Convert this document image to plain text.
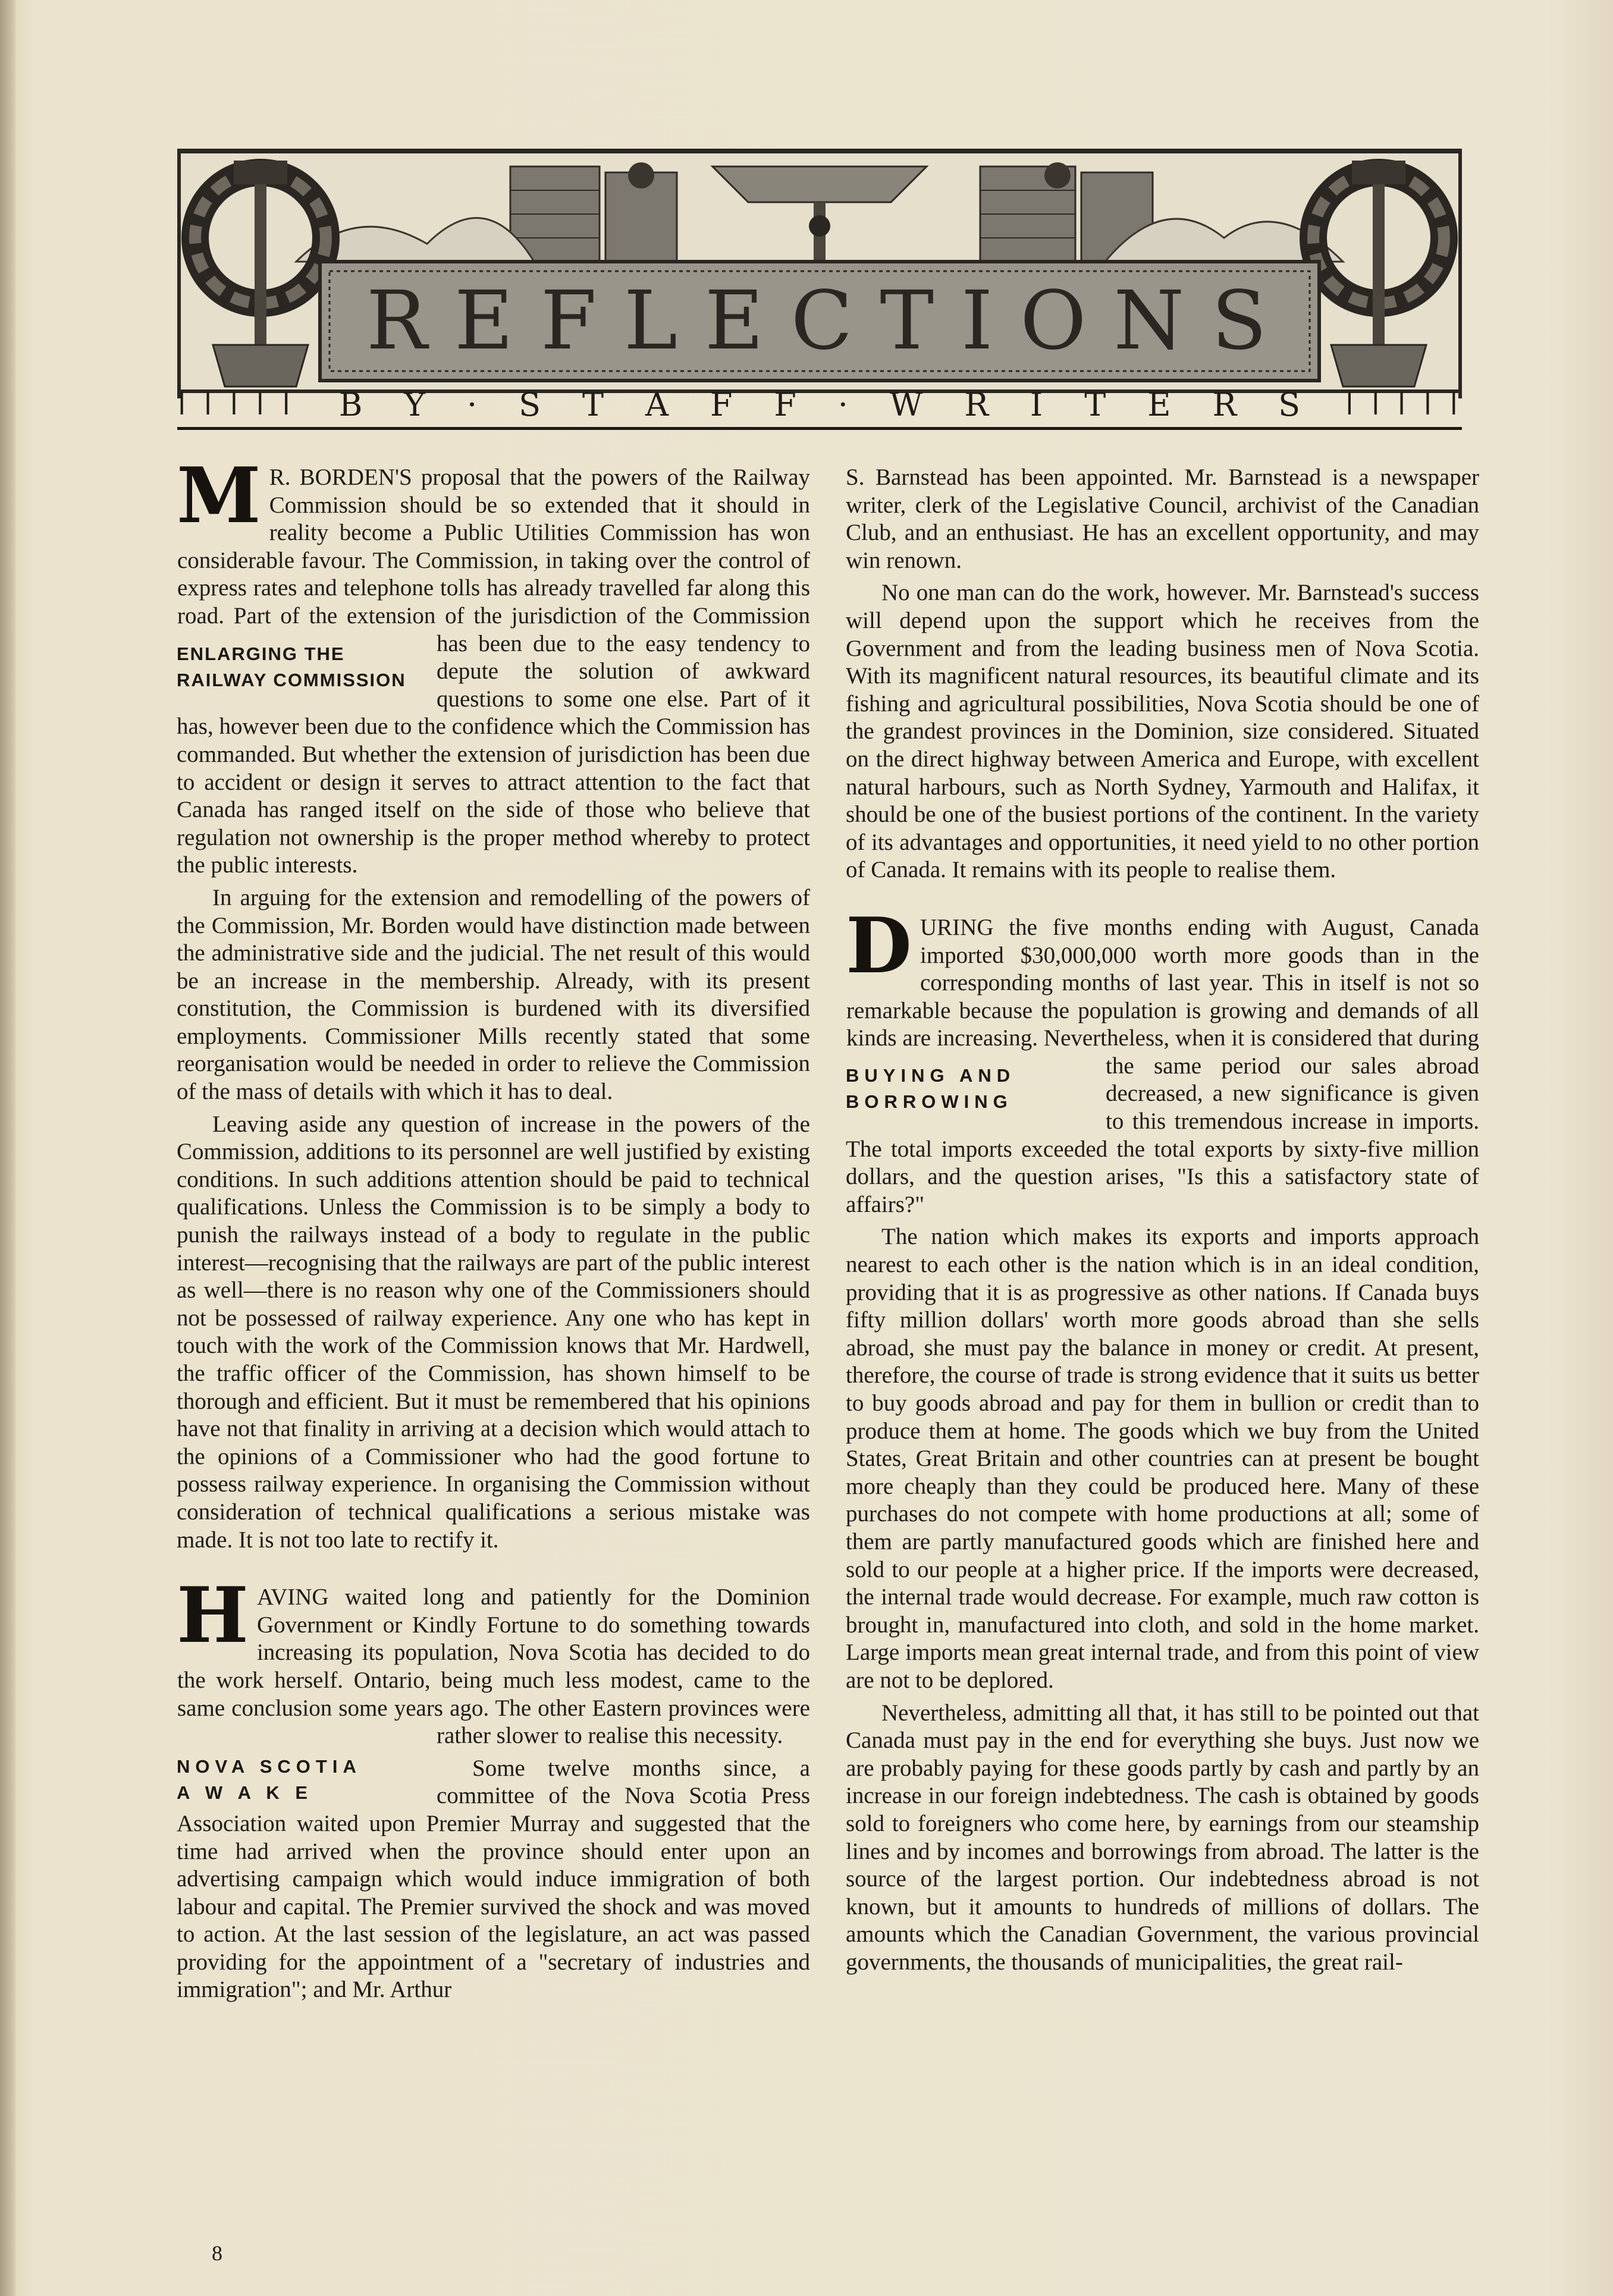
R E F L E C T I O N S
ǀ ǀ ǀ ǀ ǀ B Y · S T A F F · W R I T E R S ǀ ǀ ǀ ǀ ǀ
M
ENLARGING THE
RAILWAY COMMISSION

R. BORDEN'S proposal that the powers of the Railway Commission should be so extended that it should in reality become a Public Utilities Commission has won considerable favour. The Commission, in taking over the control of express rates and telephone tolls has already travelled far along this road. Part of the extension of the jurisdiction of the Commission has been due to the easy tendency to depute the solution of awkward questions to some one else. Part of it has, however been due to the confidence which the Commission has commanded. But whether the extension of jurisdiction has been due to accident or design it serves to attract attention to the fact that Canada has ranged itself on the side of those who believe that regulation not ownership is the proper method whereby to protect the public interests.

In arguing for the extension and remodelling of the powers of the Commission, Mr. Borden would have distinction made between the administrative side and the judicial. The net result of this would be an increase in the membership. Already, with its present constitution, the Commission is burdened with its diversified employments. Commissioner Mills recently stated that some reorganisation would be needed in order to relieve the Commission of the mass of details with which it has to deal.

Leaving aside any question of increase in the powers of the Commission, additions to its personnel are well justified by existing conditions. In such additions attention should be paid to technical qualifications. Unless the Commission is to be simply a body to punish the railways instead of a body to regulate in the public interest—recognising that the railways are part of the public interest as well—there is no reason why one of the Commissioners should not be possessed of railway experience. Any one who has kept in touch with the work of the Commission knows that Mr. Hardwell, the traffic officer of the Commission, has shown himself to be thorough and efficient. But it must be remembered that his opinions have not that finality in arriving at a decision which would attach to the opinions of a Commissioner who had the good fortune to possess railway experience. In organising the Commission without consideration of technical qualifications a serious mistake was made. It is not too late to rectify it.

H
NOVA SCOTIA
A W A K E

AVING waited long and patiently for the Dominion Government or Kindly Fortune to do something towards increasing its population, Nova Scotia has decided to do the work herself. Ontario, being much less modest, came to the same conclusion some years ago. The other Eastern provinces were rather slower to realise this necessity.

Some twelve months since, a committee of the Nova Scotia Press Association waited upon Premier Murray and suggested that the time had arrived when the province should enter upon an advertising campaign which would induce immigration of both labour and capital. The Premier survived the shock and was moved to action. At the last session of the legislature, an act was passed providing for the appointment of a "secretary of industries and immigration"; and Mr. Arthur

S. Barnstead has been appointed. Mr. Barnstead is a newspaper writer, clerk of the Legislative Council, archivist of the Canadian Club, and an enthusiast. He has an excellent opportunity, and may win renown.

No one man can do the work, however. Mr. Barnstead's success will depend upon the support which he receives from the Government and from the leading business men of Nova Scotia. With its magnificent natural resources, its beautiful climate and its fishing and agricultural possibilities, Nova Scotia should be one of the grandest provinces in the Dominion, size considered. Situated on the direct highway between America and Europe, with excellent natural harbours, such as North Sydney, Yarmouth and Halifax, it should be one of the busiest portions of the continent. In the variety of its advantages and opportunities, it need yield to no other portion of Canada. It remains with its people to realise them.

D
BUYING AND
BORROWING

URING the five months ending with August, Canada imported $30,000,000 worth more goods than in the corresponding months of last year. This in itself is not so remarkable because the population is growing and demands of all kinds are increasing. Nevertheless, when it is considered that during the same period our sales abroad decreased, a new significance is given to this tremendous increase in imports. The total imports exceeded the total exports by sixty-five million dollars, and the question arises, "Is this a satisfactory state of affairs?"

The nation which makes its exports and imports approach nearest to each other is the nation which is in an ideal condition, providing that it is as progressive as other nations. If Canada buys fifty million dollars' worth more goods abroad than she sells abroad, she must pay the balance in money or credit. At present, therefore, the course of trade is strong evidence that it suits us better to buy goods abroad and pay for them in bullion or credit than to produce them at home. The goods which we buy from the United States, Great Britain and other countries can at present be bought more cheaply than they could be produced here. Many of these purchases do not compete with home productions at all; some of them are partly manufactured goods which are finished here and sold to our people at a higher price. If the imports were decreased, the internal trade would decrease. For example, much raw cotton is brought in, manufactured into cloth, and sold in the home market. Large imports mean great internal trade, and from this point of view are not to be deplored.

Nevertheless, admitting all that, it has still to be pointed out that Canada must pay in the end for everything she buys. Just now we are probably paying for these goods partly by cash and partly by an increase in our foreign indebtedness. The cash is obtained by goods sold to foreigners who come here, by earnings from our steamship lines and by incomes and borrowings from abroad. The latter is the source of the largest portion. Our indebtedness abroad is not known, but it amounts to hundreds of millions of dollars. The amounts which the Canadian Government, the various provincial governments, the thousands of municipalities, the great rail-

8
